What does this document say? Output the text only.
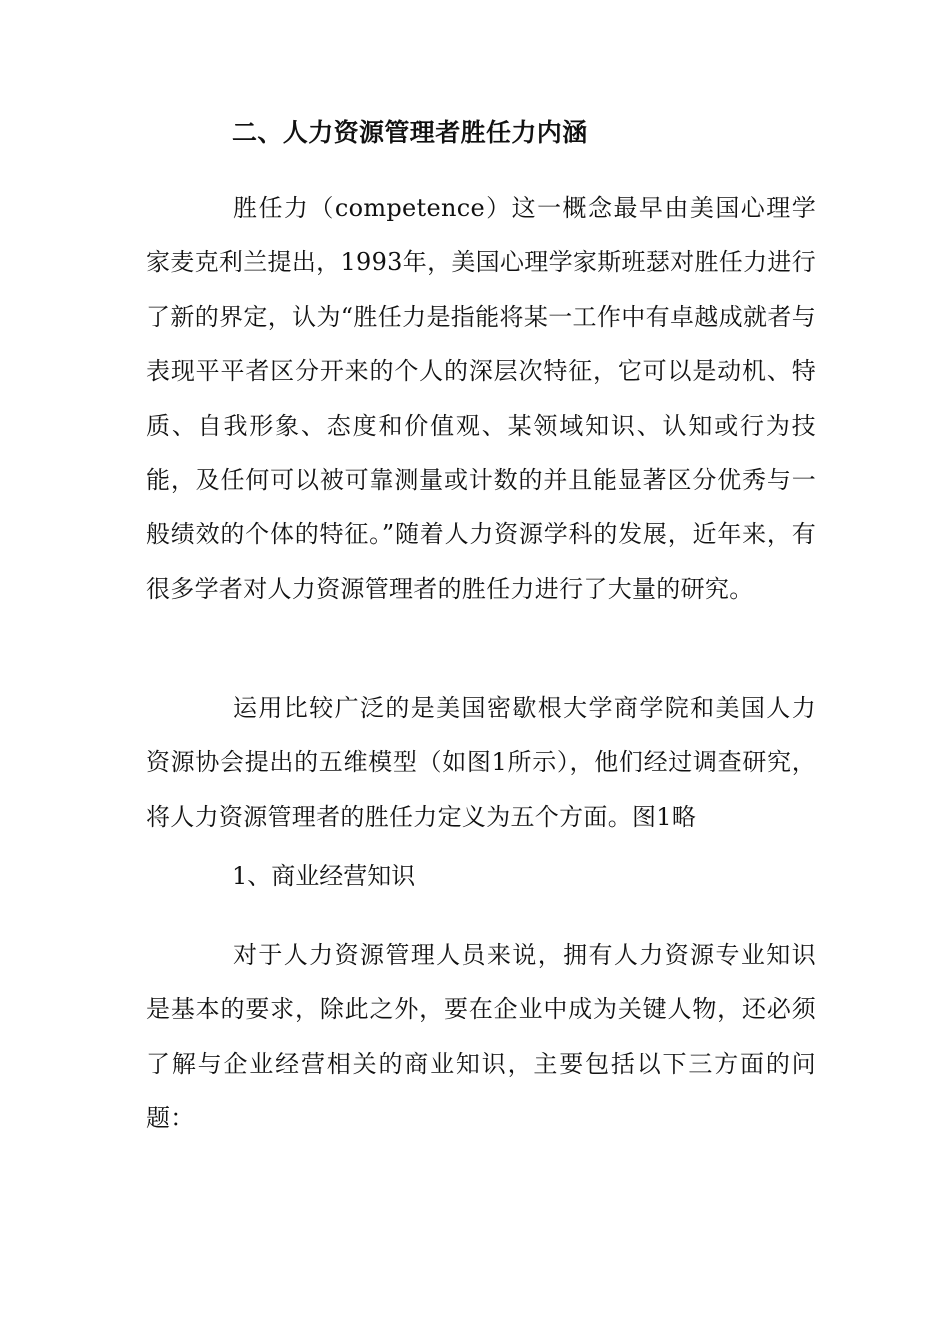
二、人力资源管理者胜任力内涵

胜任力（competence）这一概念最早由美国心理学家麦克利兰提出，1993年，美国心理学家斯班瑟对胜任力进行了新的界定，认为“胜任力是指能将某一工作中有卓越成就者与表现平平者区分开来的个人的深层次特征，它可以是动机、特质、自我形象、态度和价值观、某领域知识、认知或行为技能，及任何可以被可靠测量或计数的并且能显著区分优秀与一般绩效的个体的特征。”随着人力资源学科的发展，近年来，有很多学者对人力资源管理者的胜任力进行了大量的研究。

运用比较广泛的是美国密歇根大学商学院和美国人力资源协会提出的五维模型（如图1所示），他们经过调查研究，将人力资源管理者的胜任力定义为五个方面。图1略

1、商业经营知识

对于人力资源管理人员来说，拥有人力资源专业知识是基本的要求，除此之外，要在企业中成为关键人物，还必须了解与企业经营相关的商业知识，主要包括以下三方面的问题：
